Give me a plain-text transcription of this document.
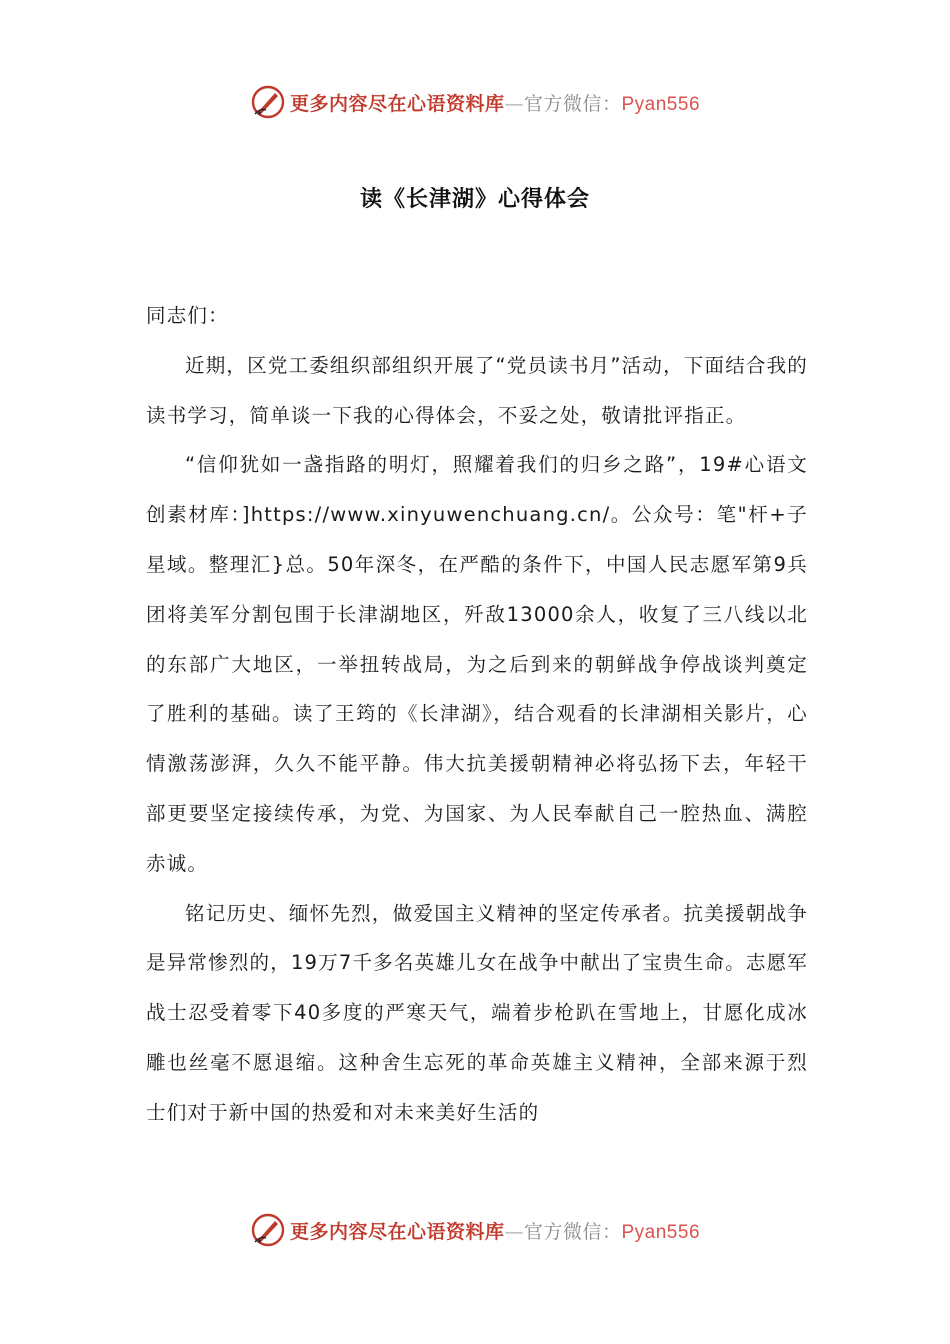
更多内容尽在心语资料库—官方微信：Pyan556
读《长津湖》心得体会

同志们：

近期，区党工委组织部组织开展了“党员读书月”活动，下面结合我的读书学习，简单谈一下我的心得体会，不妥之处，敬请批评指正。

“信仰犹如一盏指路的明灯，照耀着我们的归乡之路”，19#心语文创素材库：]https://www.xinyuwenchuang.cn/。公众号：笔"杆+子星域。整理汇}总。50年深冬，在严酷的条件下，中国人民志愿军第9兵团将美军分割包围于长津湖地区，歼敌13000余人，收复了三八线以北的东部广大地区，一举扭转战局，为之后到来的朝鲜战争停战谈判奠定了胜利的基础。读了王筠的《长津湖》，结合观看的长津湖相关影片，心情激荡澎湃，久久不能平静。伟大抗美援朝精神必将弘扬下去，年轻干部更要坚定接续传承，为党、为国家、为人民奉献自己一腔热血、满腔赤诚。

铭记历史、缅怀先烈，做爱国主义精神的坚定传承者。抗美援朝战争是异常惨烈的，19万7千多名英雄儿女在战争中献出了宝贵生命。志愿军战士忍受着零下40多度的严寒天气，端着步枪趴在雪地上，甘愿化成冰雕也丝毫不愿退缩。这种舍生忘死的革命英雄主义精神，全部来源于烈士们对于新中国的热爱和对未来美好生活的

更多内容尽在心语资料库—官方微信：Pyan556
